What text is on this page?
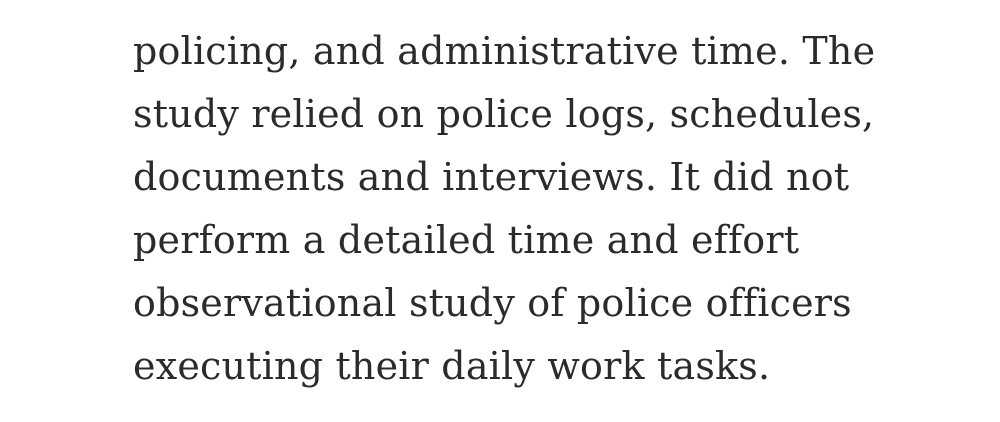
policing, and administrative time. The
study relied on police logs, schedules,
documents and interviews. It did not
perform a detailed time and effort
observational study of police officers
executing their daily work tasks.
